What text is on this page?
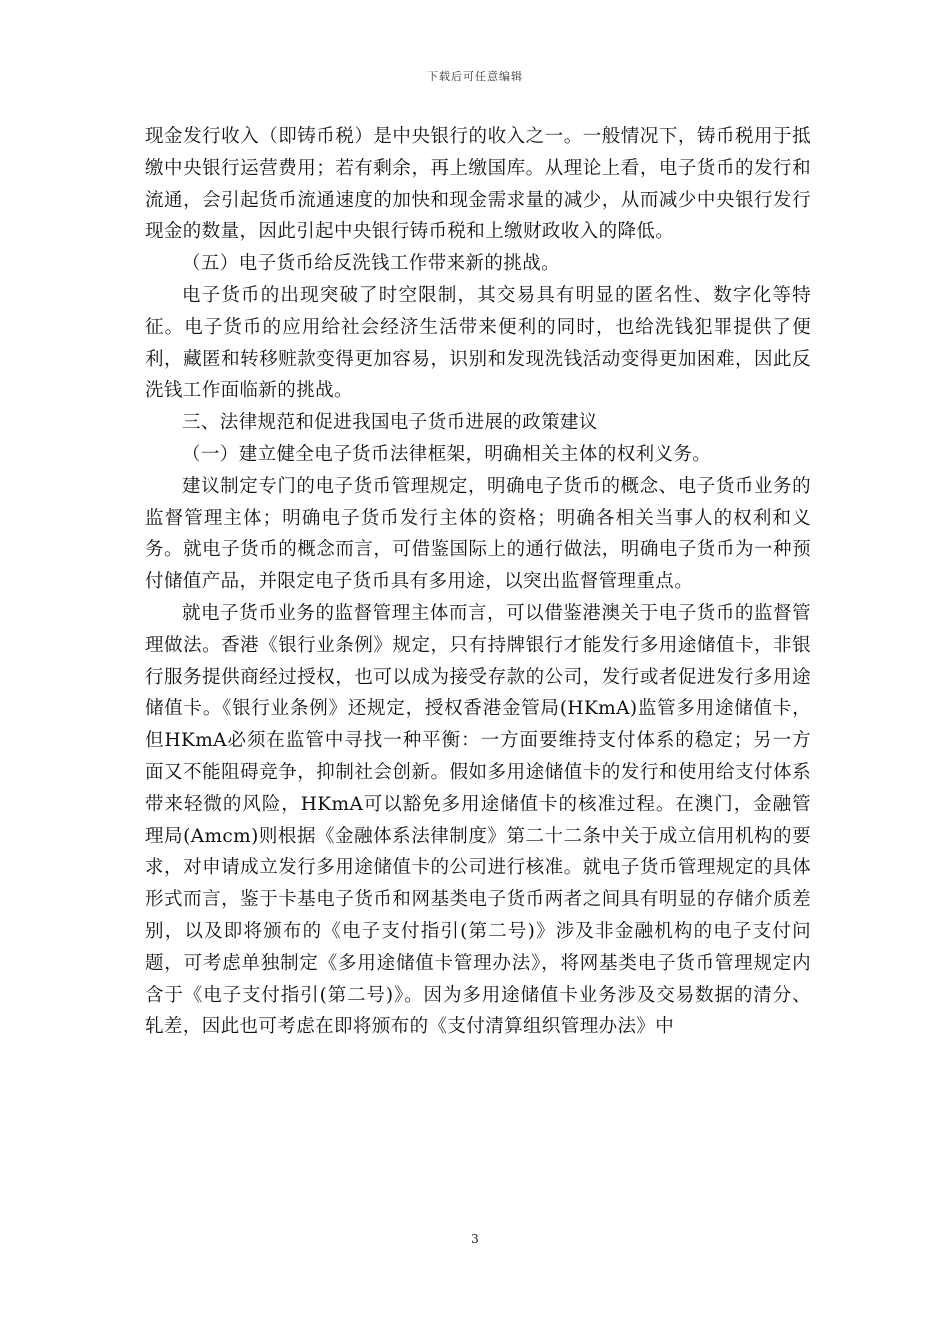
下载后可任意编辑

现金发行收入（即铸币税）是中央银行的收入之一。一般情况下，铸币税用于抵缴中央银行运营费用；若有剩余，再上缴国库。从理论上看，电子货币的发行和流通，会引起货币流通速度的加快和现金需求量的减少，从而减少中央银行发行现金的数量，因此引起中央银行铸币税和上缴财政收入的降低。

（五）电子货币给反洗钱工作带来新的挑战。

电子货币的出现突破了时空限制，其交易具有明显的匿名性、数字化等特征。电子货币的应用给社会经济生活带来便利的同时，也给洗钱犯罪提供了便利，藏匿和转移赃款变得更加容易，识别和发现洗钱活动变得更加困难，因此反洗钱工作面临新的挑战。

三、法律规范和促进我国电子货币进展的政策建议

（一）建立健全电子货币法律框架，明确相关主体的权利义务。

建议制定专门的电子货币管理规定，明确电子货币的概念、电子货币业务的监督管理主体；明确电子货币发行主体的资格；明确各相关当事人的权利和义务。就电子货币的概念而言，可借鉴国际上的通行做法，明确电子货币为一种预付储值产品，并限定电子货币具有多用途，以突出监督管理重点。

就电子货币业务的监督管理主体而言，可以借鉴港澳关于电子货币的监督管理做法。香港《银行业条例》规定，只有持牌银行才能发行多用途储值卡，非银行服务提供商经过授权，也可以成为接受存款的公司，发行或者促进发行多用途储值卡。《银行业条例》还规定，授权香港金管局(HKmA)监管多用途储值卡，但HKmA必须在监管中寻找一种平衡：一方面要维持支付体系的稳定；另一方面又不能阻碍竞争，抑制社会创新。假如多用途储值卡的发行和使用给支付体系带来轻微的风险，HKmA可以豁免多用途储值卡的核准过程。在澳门，金融管理局(Amcm)则根据《金融体系法律制度》第二十二条中关于成立信用机构的要求，对申请成立发行多用途储值卡的公司进行核准。就电子货币管理规定的具体形式而言，鉴于卡基电子货币和网基类电子货币两者之间具有明显的存储介质差别，以及即将颁布的《电子支付指引(第二号)》涉及非金融机构的电子支付问题，可考虑单独制定《多用途储值卡管理办法》，将网基类电子货币管理规定内含于《电子支付指引(第二号)》。因为多用途储值卡业务涉及交易数据的清分、轧差，因此也可考虑在即将颁布的《支付清算组织管理办法》中

3
